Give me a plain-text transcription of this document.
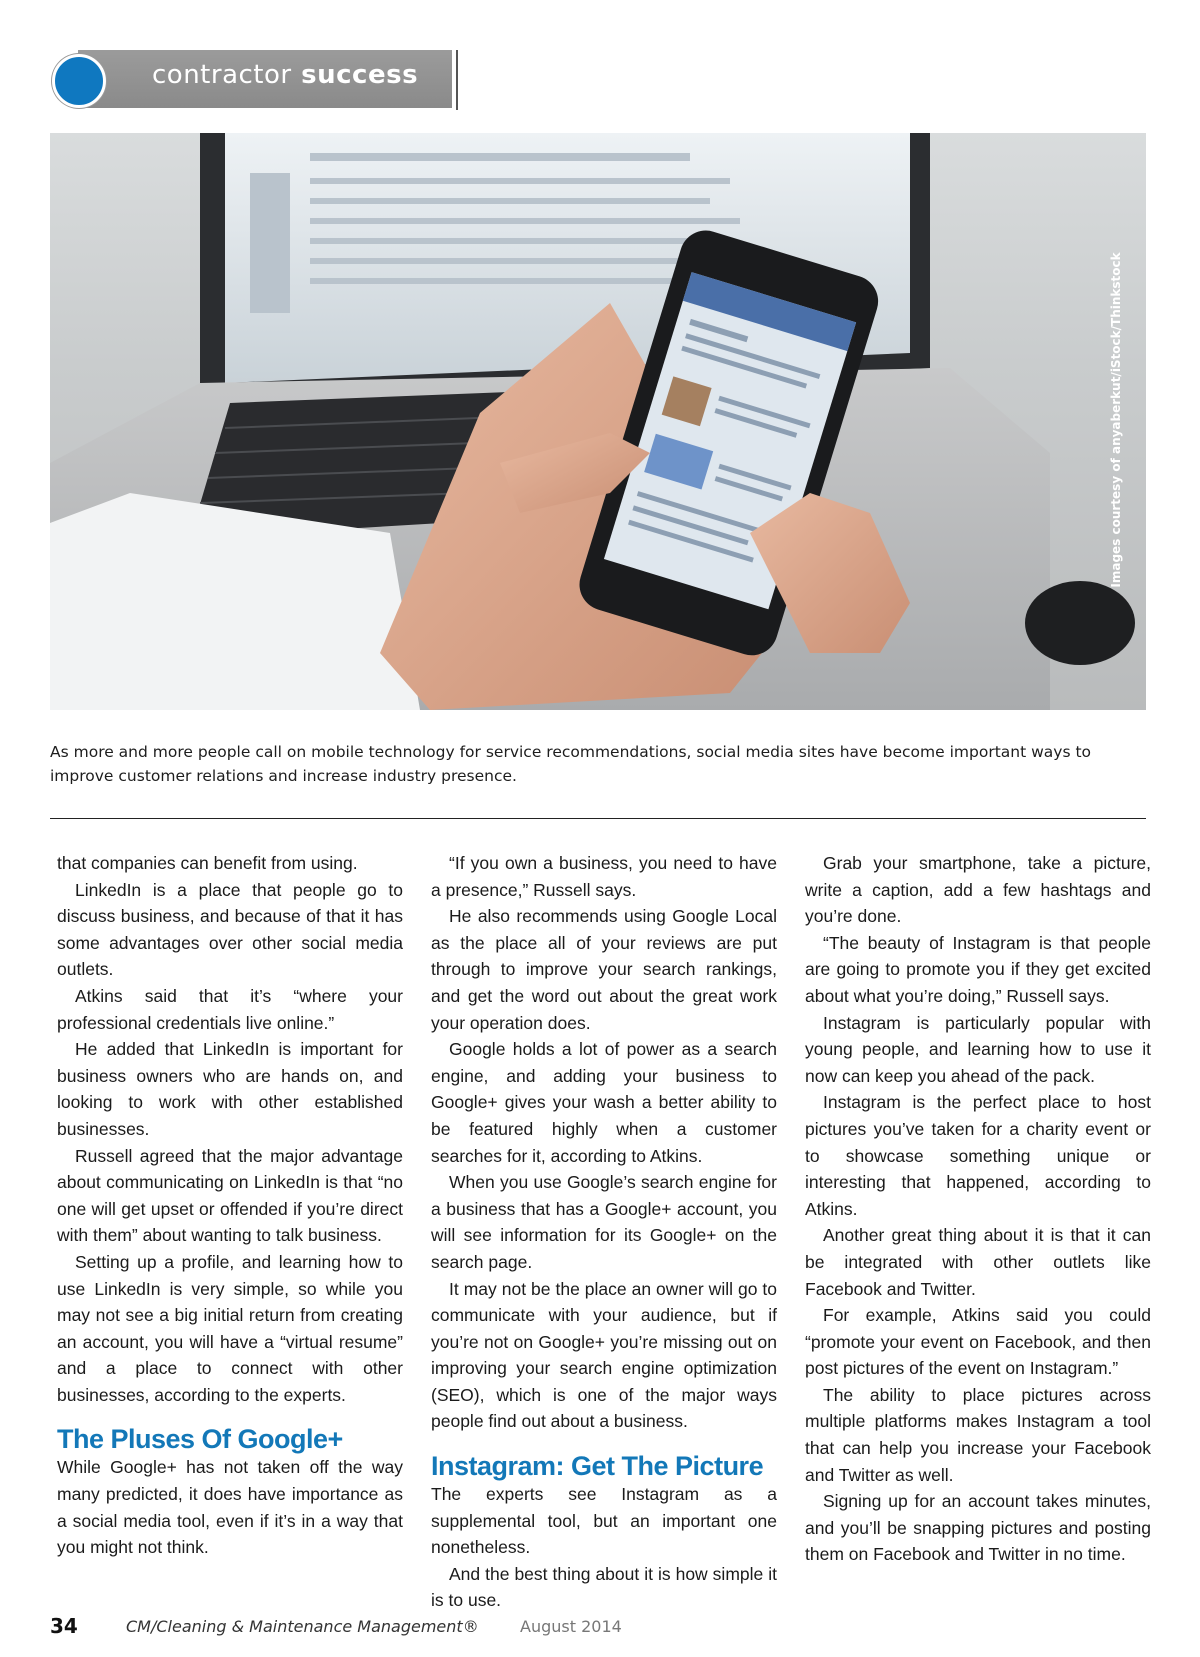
contractor success
Images courtesy of anyaberkut/iStock/Thinkstock
As more and more people call on mobile technology for service recommendations, social media sites have become important ways to improve customer relations and increase industry presence.

that companies can benefit from using.

LinkedIn is a place that people go to discuss business, and because of that it has some advantages over other social media outlets.

Atkins said that it’s “where your professional credentials live online.”

He added that LinkedIn is important for business owners who are hands on, and looking to work with other established businesses.

Russell agreed that the major advantage about communicating on LinkedIn is that “no one will get upset or offended if you’re direct with them” about wanting to talk business.

Setting up a profile, and learning how to use LinkedIn is very simple, so while you may not see a big initial return from creating an account, you will have a “virtual resume” and a place to connect with other businesses, according to the experts.

The Pluses Of Google+

While Google+ has not taken off the way many predicted, it does have importance as a social media tool, even if it’s in a way that you might not think.

“If you own a business, you need to have a presence,” Russell says.

He also recommends using Google Local as the place all of your reviews are put through to improve your search rankings, and get the word out about the great work your operation does.

Google holds a lot of power as a search engine, and adding your business to Google+ gives your wash a better ability to be featured highly when a customer searches for it, according to Atkins.

When you use Google’s search engine for a business that has a Google+ account, you will see information for its Google+ on the search page.

It may not be the place an owner will go to communicate with your audience, but if you’re not on Google+ you’re missing out on improving your search engine optimization (SEO), which is one of the major ways people find out about a business.

Instagram: Get The Picture

The experts see Instagram as a supplemental tool, but an important one nonetheless.

And the best thing about it is how simple it is to use.

Grab your smartphone, take a picture, write a caption, add a few hashtags and you’re done.

“The beauty of Instagram is that people are going to promote you if they get excited about what you’re doing,” Russell says.

Instagram is particularly popular with young people, and learning how to use it now can keep you ahead of the pack.

Instagram is the perfect place to host pictures you’ve taken for a charity event or to showcase something unique or interesting that happened, according to Atkins.

Another great thing about it is that it can be integrated with other outlets like Facebook and Twitter.

For example, Atkins said you could “promote your event on Facebook, and then post pictures of the event on Instagram.”

The ability to place pictures across multiple platforms makes Instagram a tool that can help you increase your Facebook and Twitter as well.

Signing up for an account takes minutes, and you’ll be snapping pictures and posting them on Facebook and Twitter in no time.

34	CM/Cleaning & Maintenance Management®	August 2014
